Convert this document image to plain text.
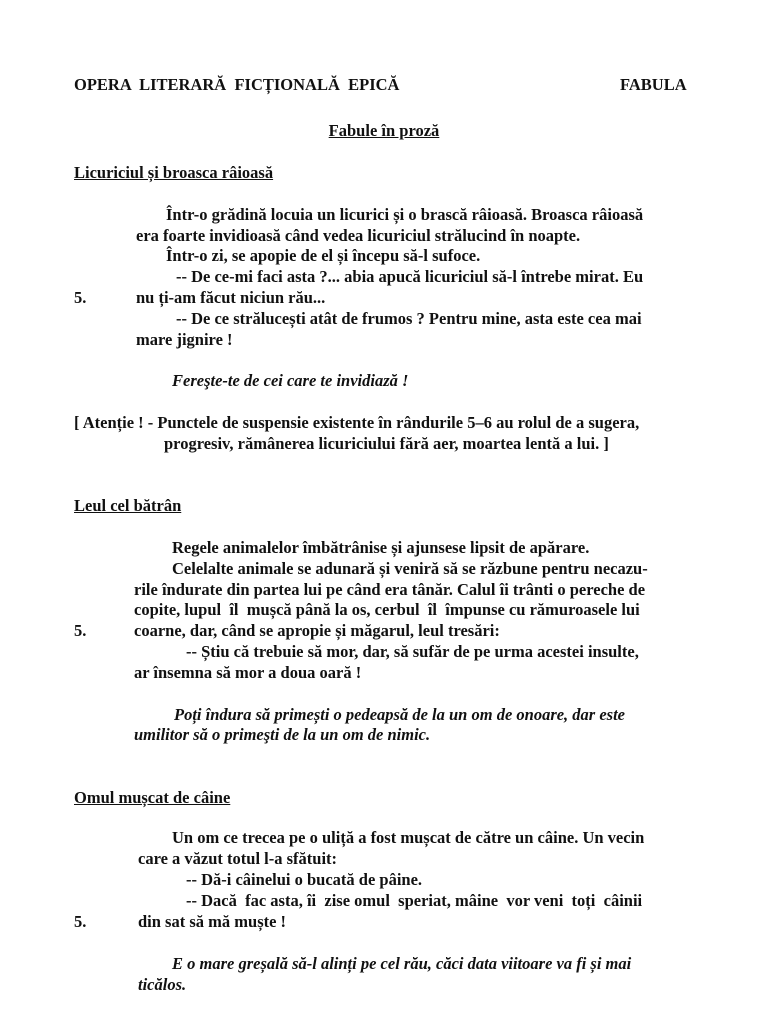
OPERA  LITERARĂ  FICȚIONALĂ  EPICĂ	FABULA
Fabule în proză
Licuriciul și broasca râioasă
Într-o grădină locuia un licurici și o brască râioasă. Broasca râioasă
era foarte invidioasă când vedea licuriciul strălucind în noapte.
Într-o zi, se apopie de el și începu să-l sufoce.
-- De ce-mi faci asta ?... abia apucă licuriciul să-l întrebe mirat. Eu
5.	nu ți-am făcut niciun rău...
-- De ce strălucești atât de frumos ? Pentru mine, asta este cea mai
mare jignire !
Fereşte-te de cei care te invidiază !
[ Atenție ! - Punctele de suspensie existente în rândurile 5–6 au rolul de a sugera,
progresiv, rămânerea licuriciului fără aer, moartea lentă a lui. ]
Leul cel bătrân
Regele animalelor îmbătrânise și ajunsese lipsit de apărare.
Celelalte animale se adunară și veniră să se răzbune pentru necazu-
rile îndurate din partea lui pe când era tânăr. Calul îi trânti o pereche de
copite, lupul  îl  mușcă până la os, cerbul  îl  împunse cu rămuroasele lui
5.	coarne, dar, când se apropie și măgarul, leul tresări:
-- Știu că trebuie să mor, dar, să sufăr de pe urma acestei insulte,
ar însemna să mor a doua oară !
Poți îndura să primești o pedeapsă de la un om de onoare, dar este
umilitor să o primeşti de la un om de nimic.
Omul mușcat de câine
Un om ce trecea pe o uliță a fost mușcat de către un câine. Un vecin
care a văzut totul l-a sfătuit:
-- Dă-i câinelui o bucată de pâine.
-- Dacă  fac asta, îi  zise omul  speriat, mâine  vor veni  toți  câinii
5.	din sat să mă muște !
E o mare greșală să-l alinți pe cel rău, căci data viitoare va fi și mai
ticălos.
